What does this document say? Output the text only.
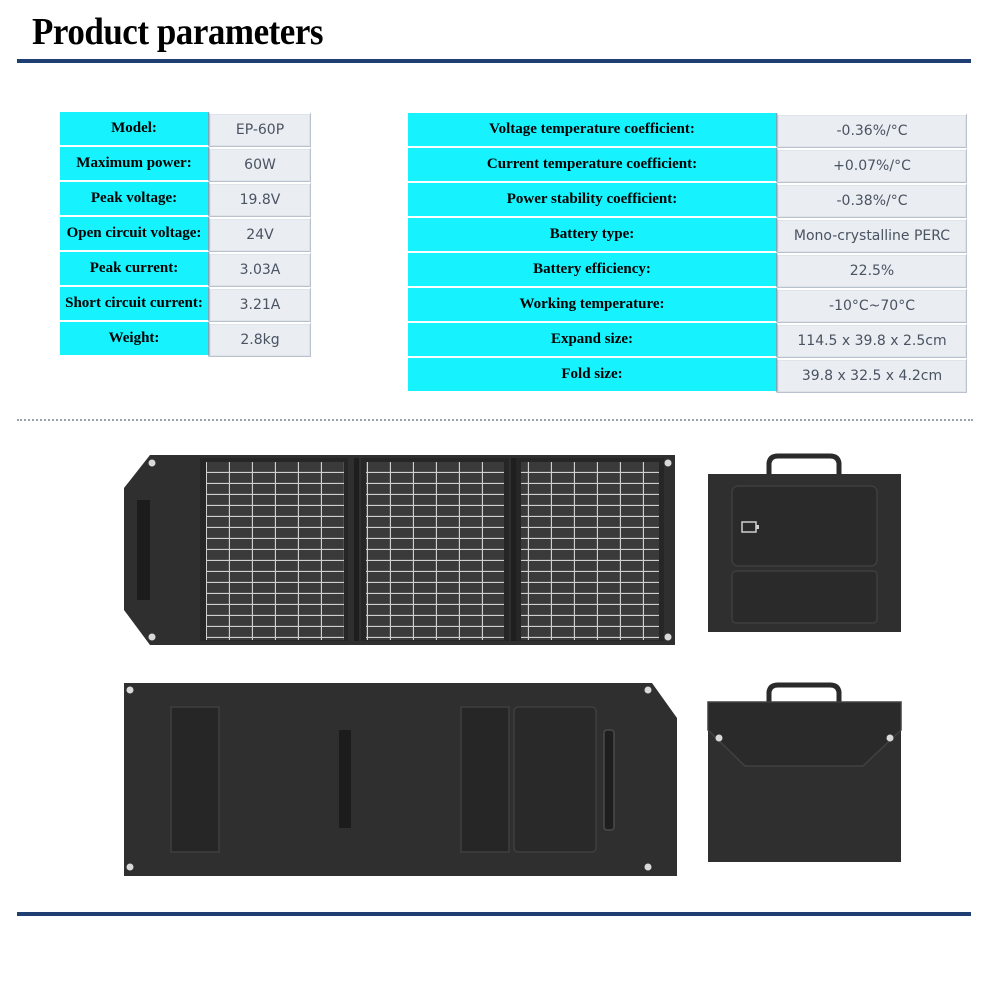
Product parameters
Model:	EP-60P
Maximum power:	60W
Peak voltage:	19.8V
Open circuit voltage:	24V
Peak current:	3.03A
Short circuit current:	3.21A
Weight:	2.8kg
Voltage temperature coefficient:	-0.36%/°C
Current temperature coefficient:	+0.07%/°C
Power stability coefficient:	-0.38%/°C
Battery type:	Mono-crystalline PERC
Battery efficiency:	22.5%
Working temperature:	-10°C~70°C
Expand size:	114.5 x 39.8 x 2.5cm
Fold size:	39.8 x 32.5 x 4.2cm
